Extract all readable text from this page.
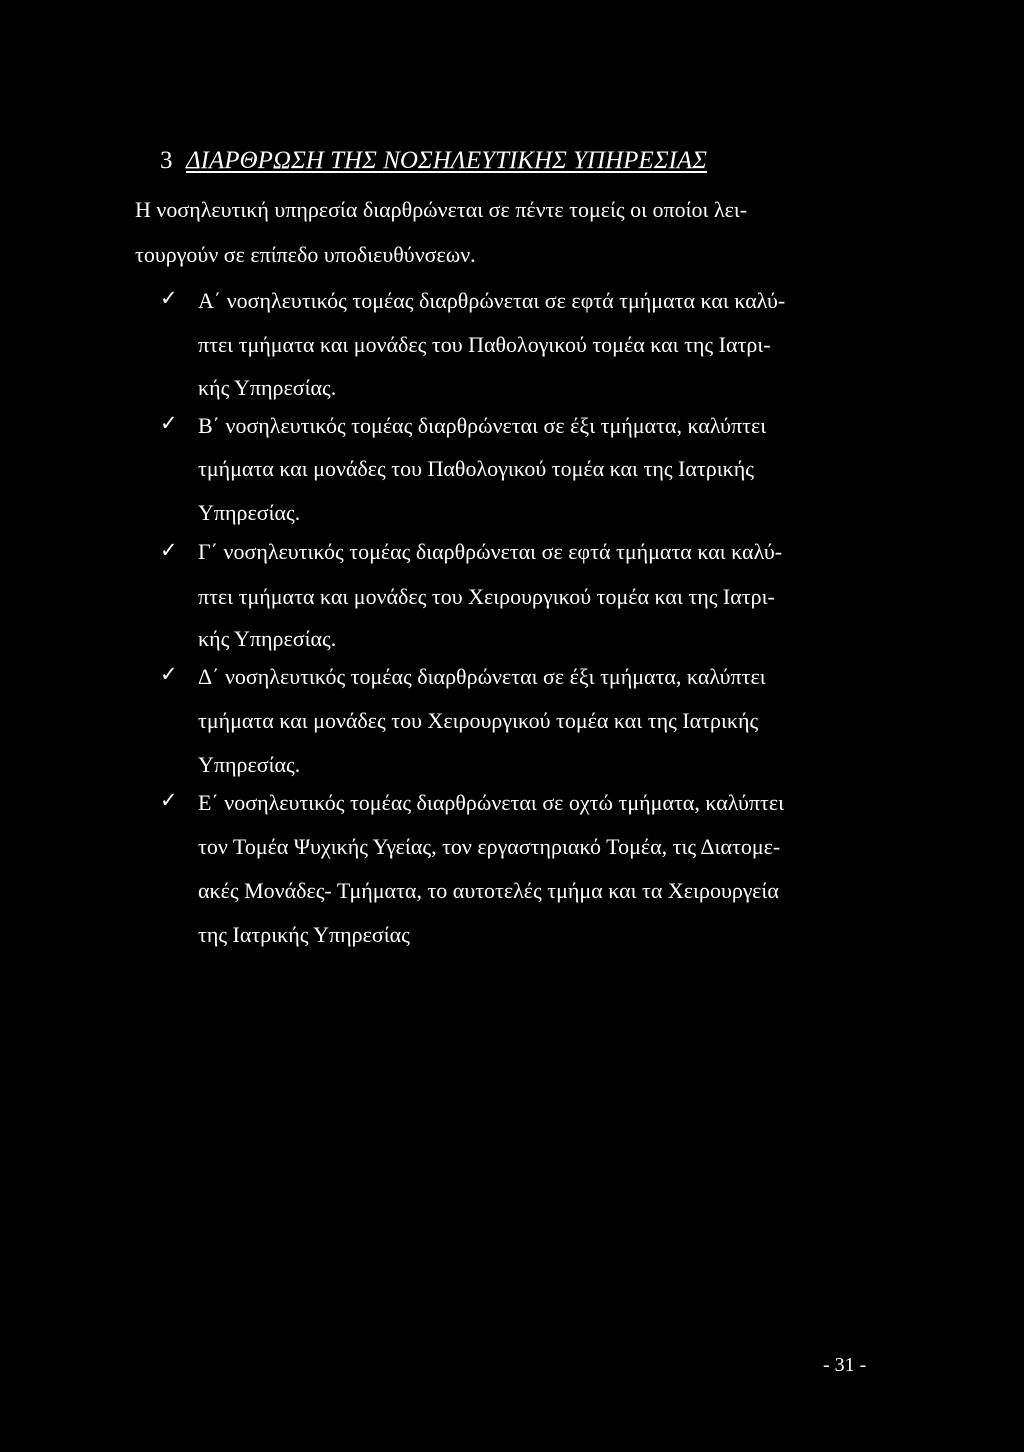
3 ΔΙΑΡΘΡΩΣΗ ΤΗΣ ΝΟΣΗΛΕΥΤΙΚΗΣ ΥΠΗΡΕΣΙΑΣ
Η νοσηλευτική υπηρεσία διαρθρώνεται σε πέντε τομείς οι οποίοι λει-
τουργούν σε επίπεδο υποδιευθύνσεων.
✓ Α΄ νοσηλευτικός τομέας διαρθρώνεται σε εφτά τμήματα και καλύ-
πτει τμήματα και μονάδες του Παθολογικού τομέα και της Ιατρι-
κής Υπηρεσίας.
✓ Β΄ νοσηλευτικός τομέας διαρθρώνεται σε έξι τμήματα, καλύπτει
τμήματα και μονάδες του Παθολογικού τομέα και της Ιατρικής
Υπηρεσίας.
✓ Γ΄ νοσηλευτικός τομέας διαρθρώνεται σε εφτά τμήματα και καλύ-
πτει τμήματα και μονάδες του Χειρουργικού τομέα και της Ιατρι-
κής Υπηρεσίας.
✓ Δ΄ νοσηλευτικός τομέας διαρθρώνεται σε έξι τμήματα, καλύπτει
τμήματα και μονάδες του Χειρουργικού τομέα και της Ιατρικής
Υπηρεσίας.
✓ Ε΄ νοσηλευτικός τομέας διαρθρώνεται σε οχτώ τμήματα, καλύπτει
τον Τομέα Ψυχικής Υγείας, τον εργαστηριακό Τομέα, τις Διατομε-
ακές Μονάδες- Τμήματα, το αυτοτελές τμήμα και τα Χειρουργεία
της Ιατρικής Υπηρεσίας
- 31 -
